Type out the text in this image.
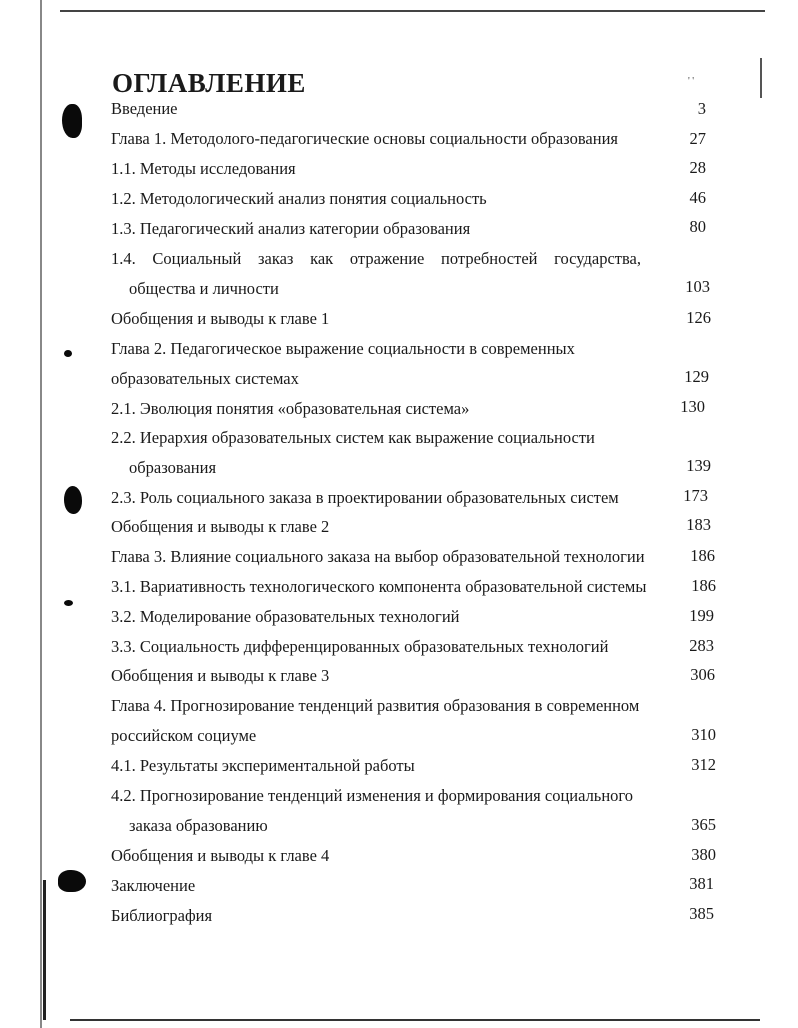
' '
ОГЛАВЛЕНИЕ
Введение	3
Глава 1. Методолого-педагогические основы социальности образования	27
1.1. Методы исследования	28
1.2. Методологический анализ понятия социальность	46
1.3. Педагогический анализ категории образования	80
1.4. Социальный заказ как отражение потребностей государства,
общества и личности	103
Обобщения и выводы к главе 1	126
Глава 2. Педагогическое выражение социальности в современных
образовательных системах	129
2.1. Эволюция понятия «образовательная система»	130
2.2. Иерархия образовательных систем как выражение социальности
образования	139
2.3. Роль социального заказа в проектировании образовательных систем	173
Обобщения и выводы к главе 2	183
Глава 3. Влияние социального заказа на выбор образовательной технологии	186
3.1. Вариативность технологического компонента образовательной системы	186
3.2. Моделирование образовательных технологий	199
3.3. Социальность дифференцированных образовательных технологий	283
Обобщения и выводы к главе 3	306
Глава 4. Прогнозирование тенденций развития образования в современном
российском социуме	310
4.1. Результаты экспериментальной работы	312
4.2. Прогнозирование тенденций изменения и формирования социального
заказа образованию	365
Обобщения и выводы к главе 4	380
Заключение	381
Библиография	385
